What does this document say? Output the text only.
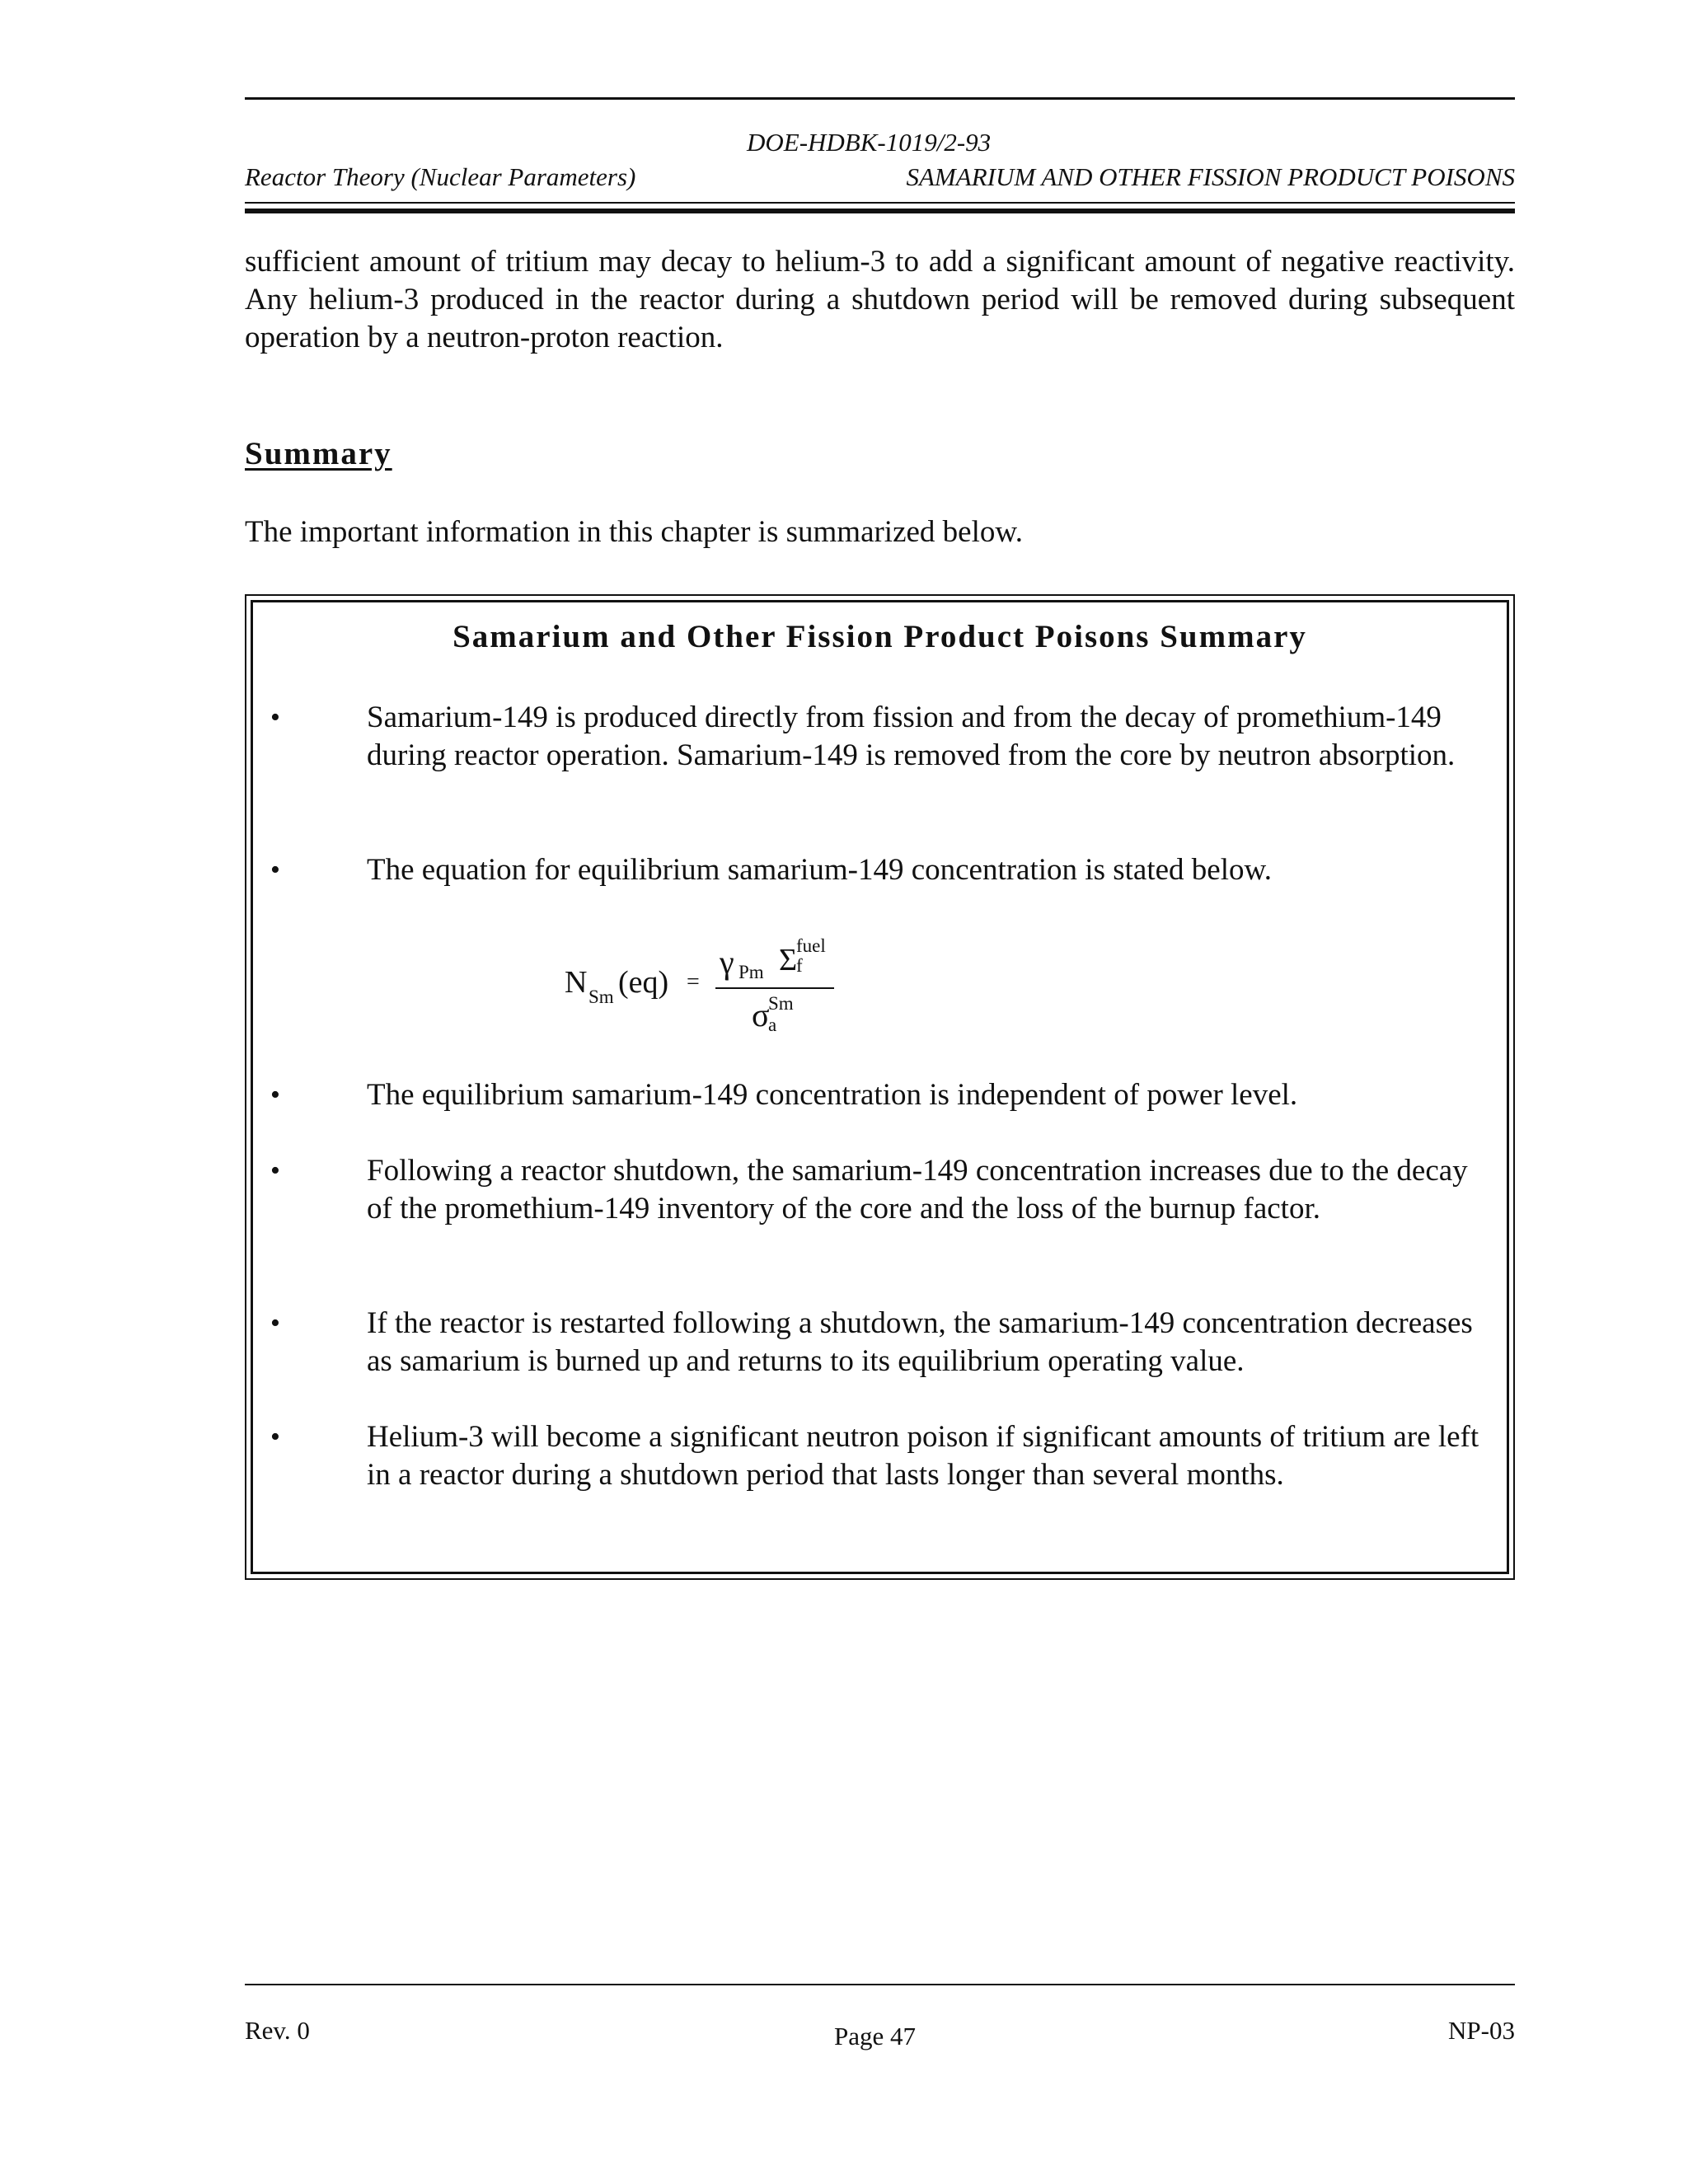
DOE-HDBK-1019/2-93
Reactor Theory (Nuclear Parameters)	SAMARIUM AND OTHER FISSION PRODUCT POISONS
sufficient amount of tritium may decay to helium-3 to add a significant amount of negative reactivity. Any helium-3 produced in the reactor during a shutdown period will be removed during subsequent operation by a neutron-proton reaction.
Summary
The important information in this chapter is summarized below.
Samarium and Other Fission Product Poisons Summary
•	Samarium-149 is produced directly from fission and from the decay of promethium-149 during reactor operation. Samarium-149 is removed from the core by neutron absorption.
•	The equation for equilibrium samarium-149 concentration is stated below.
N Sm (eq) =
γ Pm Σ
fuel
f
σ
Sm
a
•	The equilibrium samarium-149 concentration is independent of power level.
•	Following a reactor shutdown, the samarium-149 concentration increases due to the decay of the promethium-149 inventory of the core and the loss of the burnup factor.
•	If the reactor is restarted following a shutdown, the samarium-149 concentration decreases as samarium is burned up and returns to its equilibrium operating value.
•	Helium-3 will become a significant neutron poison if significant amounts of tritium are left in a reactor during a shutdown period that lasts longer than several months.
Rev. 0	Page 47	NP-03
